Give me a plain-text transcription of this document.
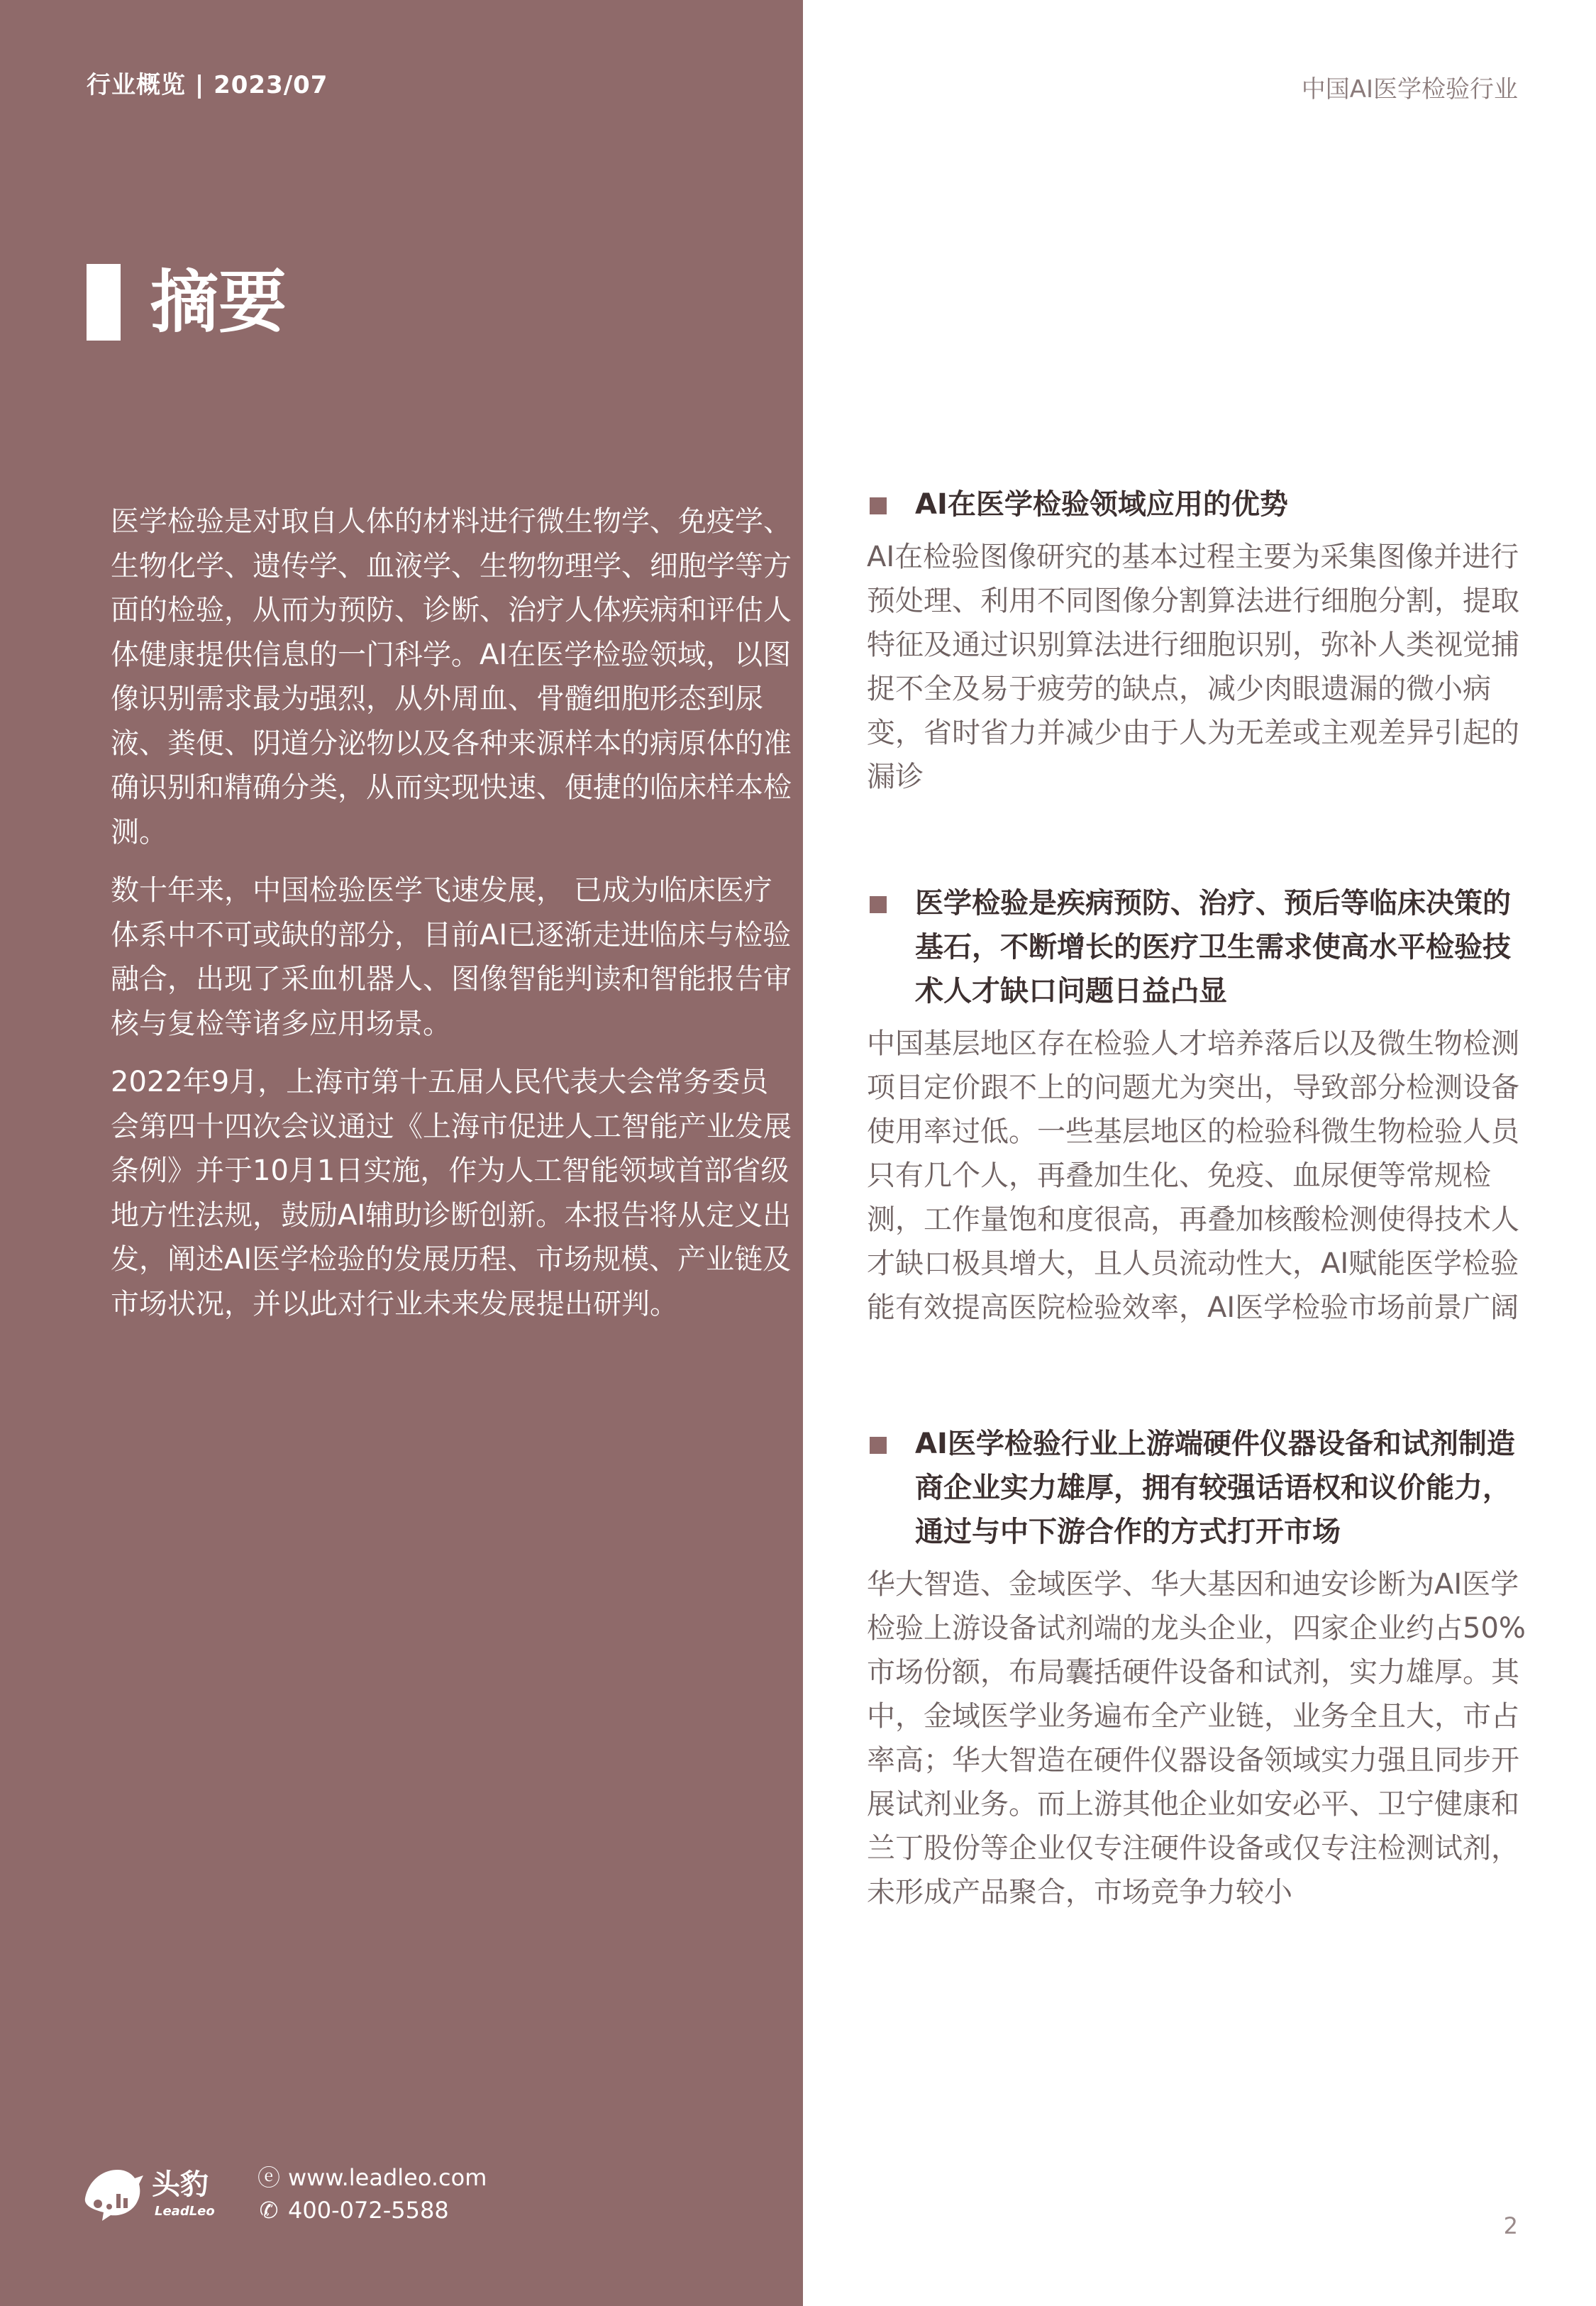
行业概览 | 2023/07	中国AI医学检验行业
摘要

医学检验是对取自人体的材料进行微生物学、免疫学、生物化学、遗传学、血液学、生物物理学、细胞学等方面的检验，从而为预防、诊断、治疗人体疾病和评估人体健康提供信息的一门科学。AI在医学检验领域，以图像识别需求最为强烈，从外周血、骨髓细胞形态到尿液、粪便、阴道分泌物以及各种来源样本的病原体的准确识别和精确分类，从而实现快速、便捷的临床样本检测。

数十年来，中国检验医学飞速发展， 已成为临床医疗体系中不可或缺的部分，目前AI已逐渐走进临床与检验融合，出现了采血机器人、图像智能判读和智能报告审核与复检等诸多应用场景。

2022年9月，上海市第十五届人民代表大会常务委员会第四十四次会议通过《上海市促进人工智能产业发展条例》并于10月1日实施，作为人工智能领域首部省级地方性法规，鼓励AI辅助诊断创新。本报告将从定义出发，阐述AI医学检验的发展历程、市场规模、产业链及市场状况，并以此对行业未来发展提出研判。

AI在医学检验领域应用的优势
AI在检验图像研究的基本过程主要为采集图像并进行预处理、利用不同图像分割算法进行细胞分割，提取特征及通过识别算法进行细胞识别，弥补人类视觉捕捉不全及易于疲劳的缺点，减少肉眼遗漏的微小病变，省时省力并减少由于人为无差或主观差异引起的漏诊
医学检验是疾病预防、治疗、预后等临床决策的基石，不断增长的医疗卫生需求使高水平检验技术人才缺口问题日益凸显
中国基层地区存在检验人才培养落后以及微生物检测项目定价跟不上的问题尤为突出，导致部分检测设备使用率过低。一些基层地区的检验科微生物检验人员只有几个人，再叠加生化、免疫、血尿便等常规检测，工作量饱和度很高，再叠加核酸检测使得技术人才缺口极具增大，且人员流动性大，AI赋能医学检验能有效提高医院检验效率，AI医学检验市场前景广阔
AI医学检验行业上游端硬件仪器设备和试剂制造商企业实力雄厚，拥有较强话语权和议价能力，通过与中下游合作的方式打开市场
华大智造、金域医学、华大基因和迪安诊断为AI医学检验上游设备试剂端的龙头企业，四家企业约占50%市场份额，布局囊括硬件设备和试剂，实力雄厚。其中，金域医学业务遍布全产业链，业务全且大，市占率高；华大智造在硬件仪器设备领域实力强且同步开展试剂业务。而上游其他企业如安必平、卫宁健康和兰丁股份等企业仅专注硬件设备或仅专注检测试剂，未形成产品聚合，市场竞争力较小
头豹
LeadLeo
ⓔ www.leadleo.com
✆ 400-072-5588
2
